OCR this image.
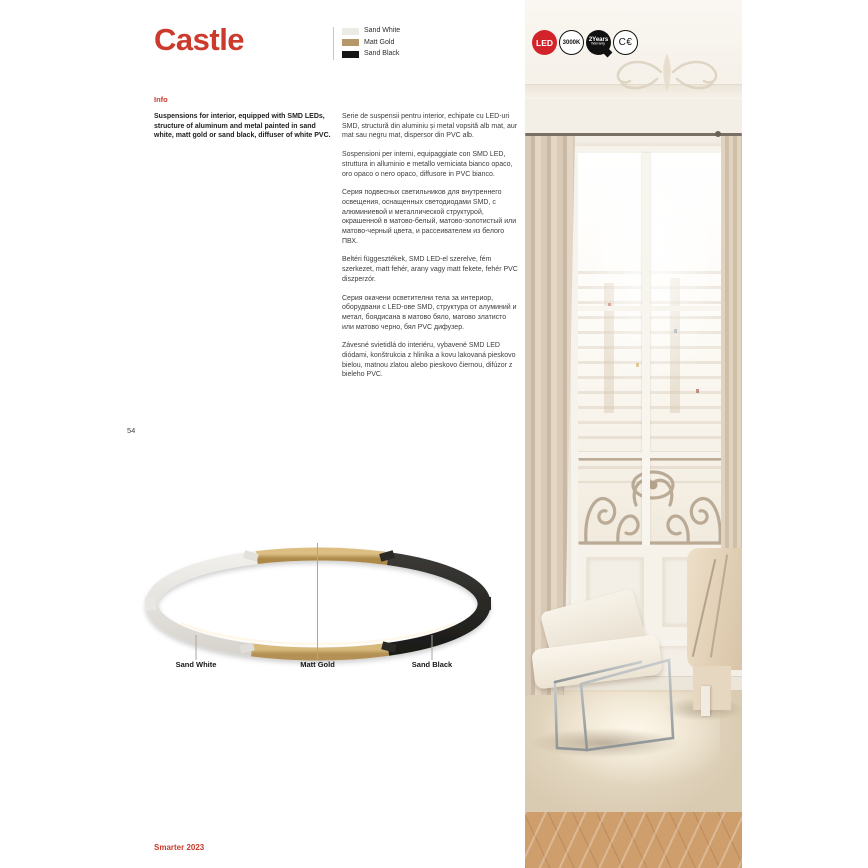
Castle	Sand White
Matt Gold
Sand Black
LED 3000K 2Years
Warranty C€
Info
Suspensions for interior, equipped with SMD LEDs, structure of aluminum and metal painted in sand white, matt gold or sand black, diffuser of white PVC.

Serie de suspensii pentru interior, echipate cu LED-uri SMD, structură din aluminiu și metal vopsită alb mat, aur mat sau negru mat, dispersor din PVC alb.

Sospensioni per interni, equipaggiate con SMD LED, struttura in alluminio e metallo verniciata bianco opaco, oro opaco o nero opaco, diffusore in PVC bianco.

Серия подвесных светильников для внутреннего освещения, оснащенных светодиодами SMD, с алюминиевой и металлической структурой, окрашенной в матово-белый, матово-золотистый или матово-черный цвета, и рассеивателем из белого ПВХ.

Beltéri függesztékek, SMD LED-el szerelve, fém szerkezet, matt fehér, arany vagy matt fekete, fehér PVC diszperzór.

Серия окачени осветителни тела за интериор, оборудвани с LED-ове SMD, структура от алуминий и метал, боядисана в матово бяло, матово златисто или матово черно, бял PVC дифузер.

Závesné svietidlá do interiéru, vybavené SMD LED diódami, konštrukcia z hliníka a kovu lakovaná pieskovo bielou, matnou zlatou alebo pieskovo čiernou, difúzor z bieleho PVC.

54
Sand White	Matt Gold	Sand Black
Smarter 2023
